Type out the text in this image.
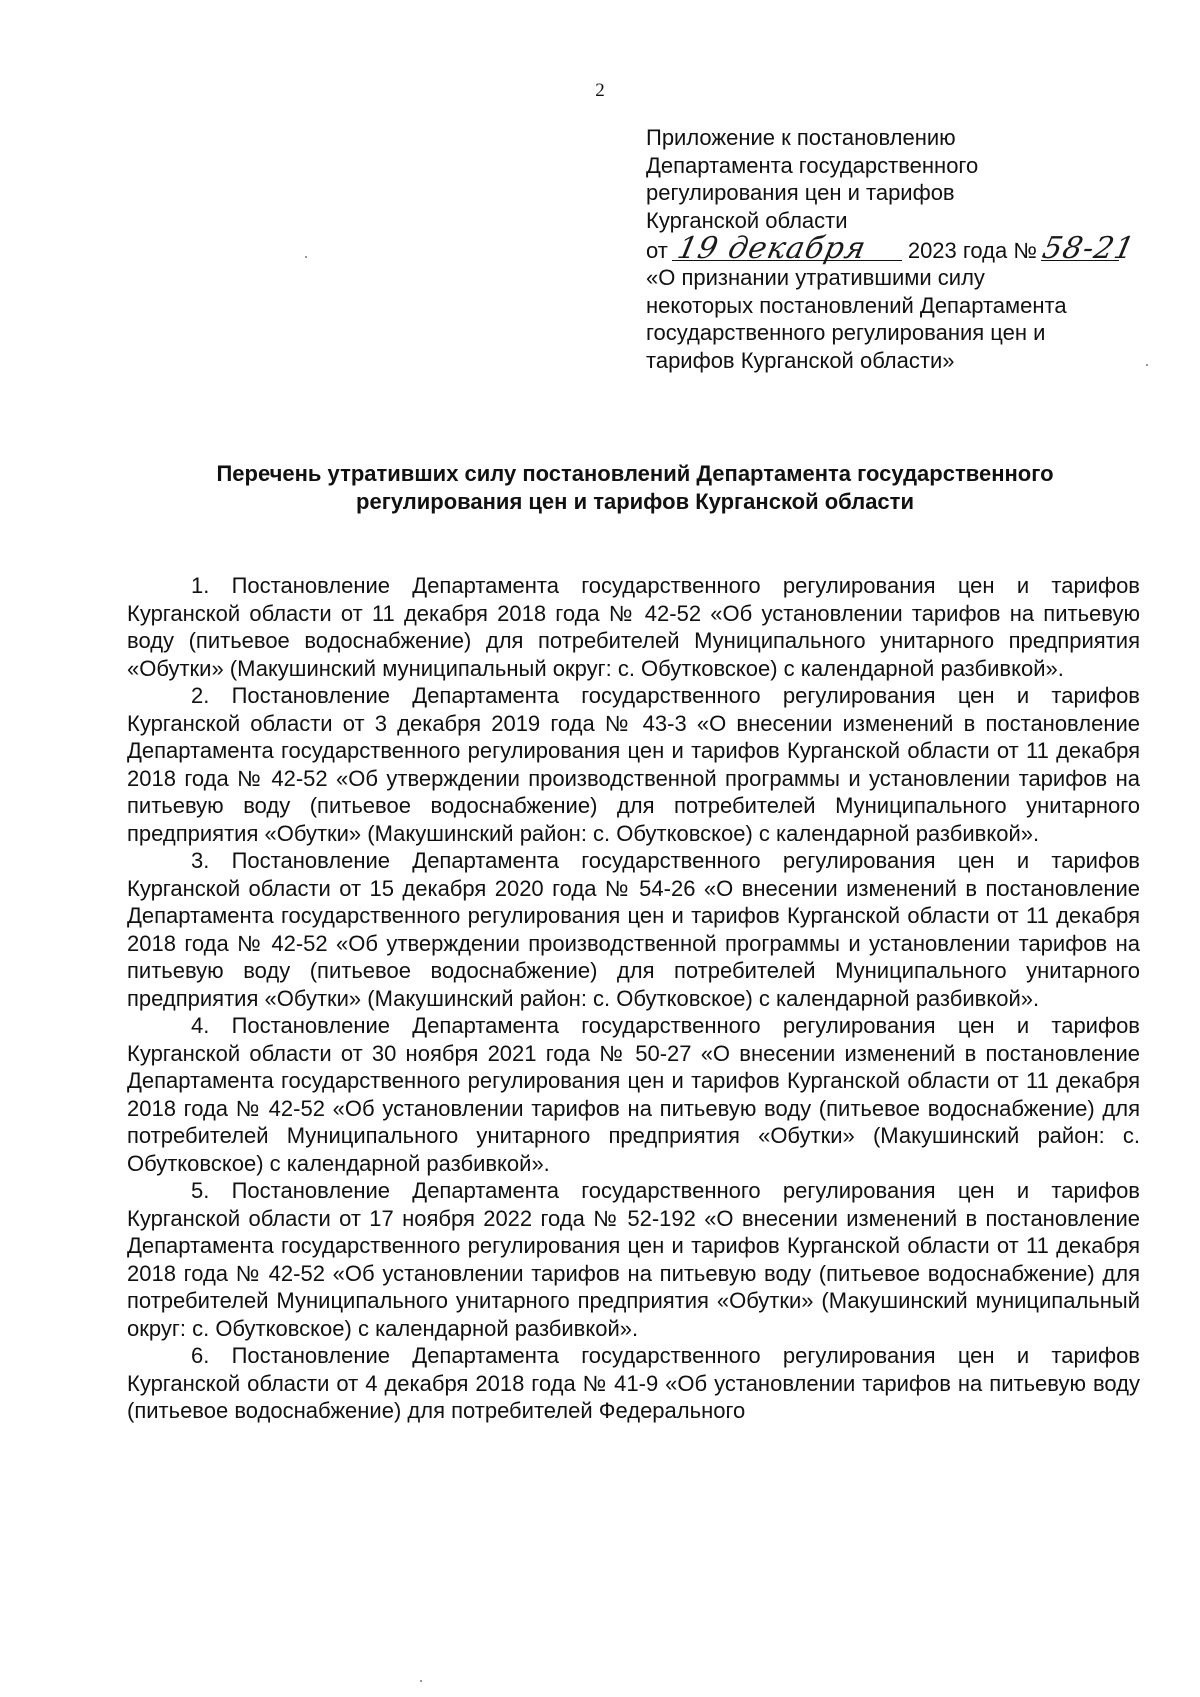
2
Приложение к постановлению
Департамента государственного
регулирования цен и тарифов
Курганской области
от 19 декабря 2023 года № 58-21
«О признании утратившими силу
некоторых постановлений Департамента
государственного регулирования цен и
тарифов Курганской области»
Перечень утративших силу постановлений Департамента государственного
регулирования цен и тарифов Курганской области

1. Постановление Департамента государственного регулирования цен и тарифов Курганской области от 11 декабря 2018 года № 42-52 «Об установлении тарифов на питьевую воду (питьевое водоснабжение) для потребителей Муниципального унитарного предприятия «Обутки» (Макушинский муниципальный округ: с. Обутковское) с календарной разбивкой».

2. Постановление Департамента государственного регулирования цен и тарифов Курганской области от 3 декабря 2019 года № 43-3 «О внесении изменений в постановление Департамента государственного регулирования цен и тарифов Курганской области от 11 декабря 2018 года № 42-52 «Об утверждении производственной программы и установлении тарифов на питьевую воду (питьевое водоснабжение) для потребителей Муниципального унитарного предприятия «Обутки» (Макушинский район: с. Обутковское) с календарной разбивкой».

3. Постановление Департамента государственного регулирования цен и тарифов Курганской области от 15 декабря 2020 года № 54-26 «О внесении изменений в постановление Департамента государственного регулирования цен и тарифов Курганской области от 11 декабря 2018 года № 42-52 «Об утверждении производственной программы и установлении тарифов на питьевую воду (питьевое водоснабжение) для потребителей Муниципального унитарного предприятия «Обутки» (Макушинский район: с. Обутковское) с календарной разбивкой».

4. Постановление Департамента государственного регулирования цен и тарифов Курганской области от 30 ноября 2021 года № 50-27 «О внесении изменений в постановление Департамента государственного регулирования цен и тарифов Курганской области от 11 декабря 2018 года № 42-52 «Об установлении тарифов на питьевую воду (питьевое водоснабжение) для потребителей Муниципального унитарного предприятия «Обутки» (Макушинский район: с. Обутковское) с календарной разбивкой».

5. Постановление Департамента государственного регулирования цен и тарифов Курганской области от 17 ноября 2022 года № 52-192 «О внесении изменений в постановление Департамента государственного регулирования цен и тарифов Курганской области от 11 декабря 2018 года № 42-52 «Об установлении тарифов на питьевую воду (питьевое водоснабжение) для потребителей Муниципального унитарного предприятия «Обутки» (Макушинский муниципальный округ: с. Обутковское) с календарной разбивкой».

6. Постановление Департамента государственного регулирования цен и тарифов Курганской области от 4 декабря 2018 года № 41-9 «Об установлении тарифов на питьевую воду (питьевое водоснабжение) для потребителей Федерального
